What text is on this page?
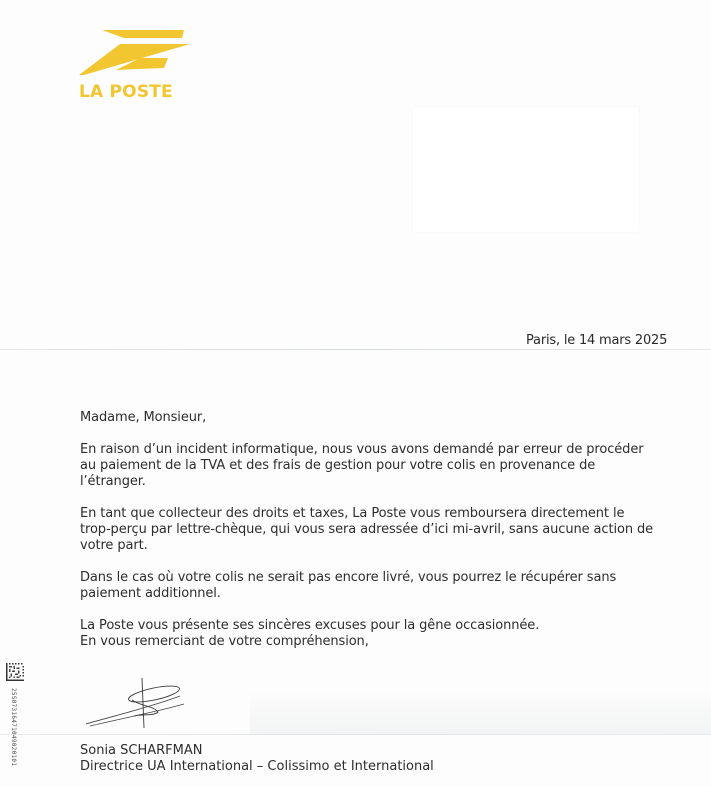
LA POSTE
Paris, le 14 mars 2025

Madame, Monsieur,

En raison d’un incident informatique, nous vous avons demandé par erreur de procéder
au paiement de la TVA et des frais de gestion pour votre colis en provenance de
l’étranger.

En tant que collecteur des droits et taxes, La Poste vous remboursera directement le
trop-perçu par lettre-chèque, qui vous sera adressée d’ici mi-avril, sans aucune action de
votre part.

Dans le cas où votre colis ne serait pas encore livré, vous pourrez le récupérer sans
paiement additionnel.

La Poste vous présente ses sincères excuses pour la gêne occasionnée.
En vous remerciant de votre compréhension,

Sonia SCHARFMAN
Directrice UA International – Colissimo et International
25S07316471049020101
